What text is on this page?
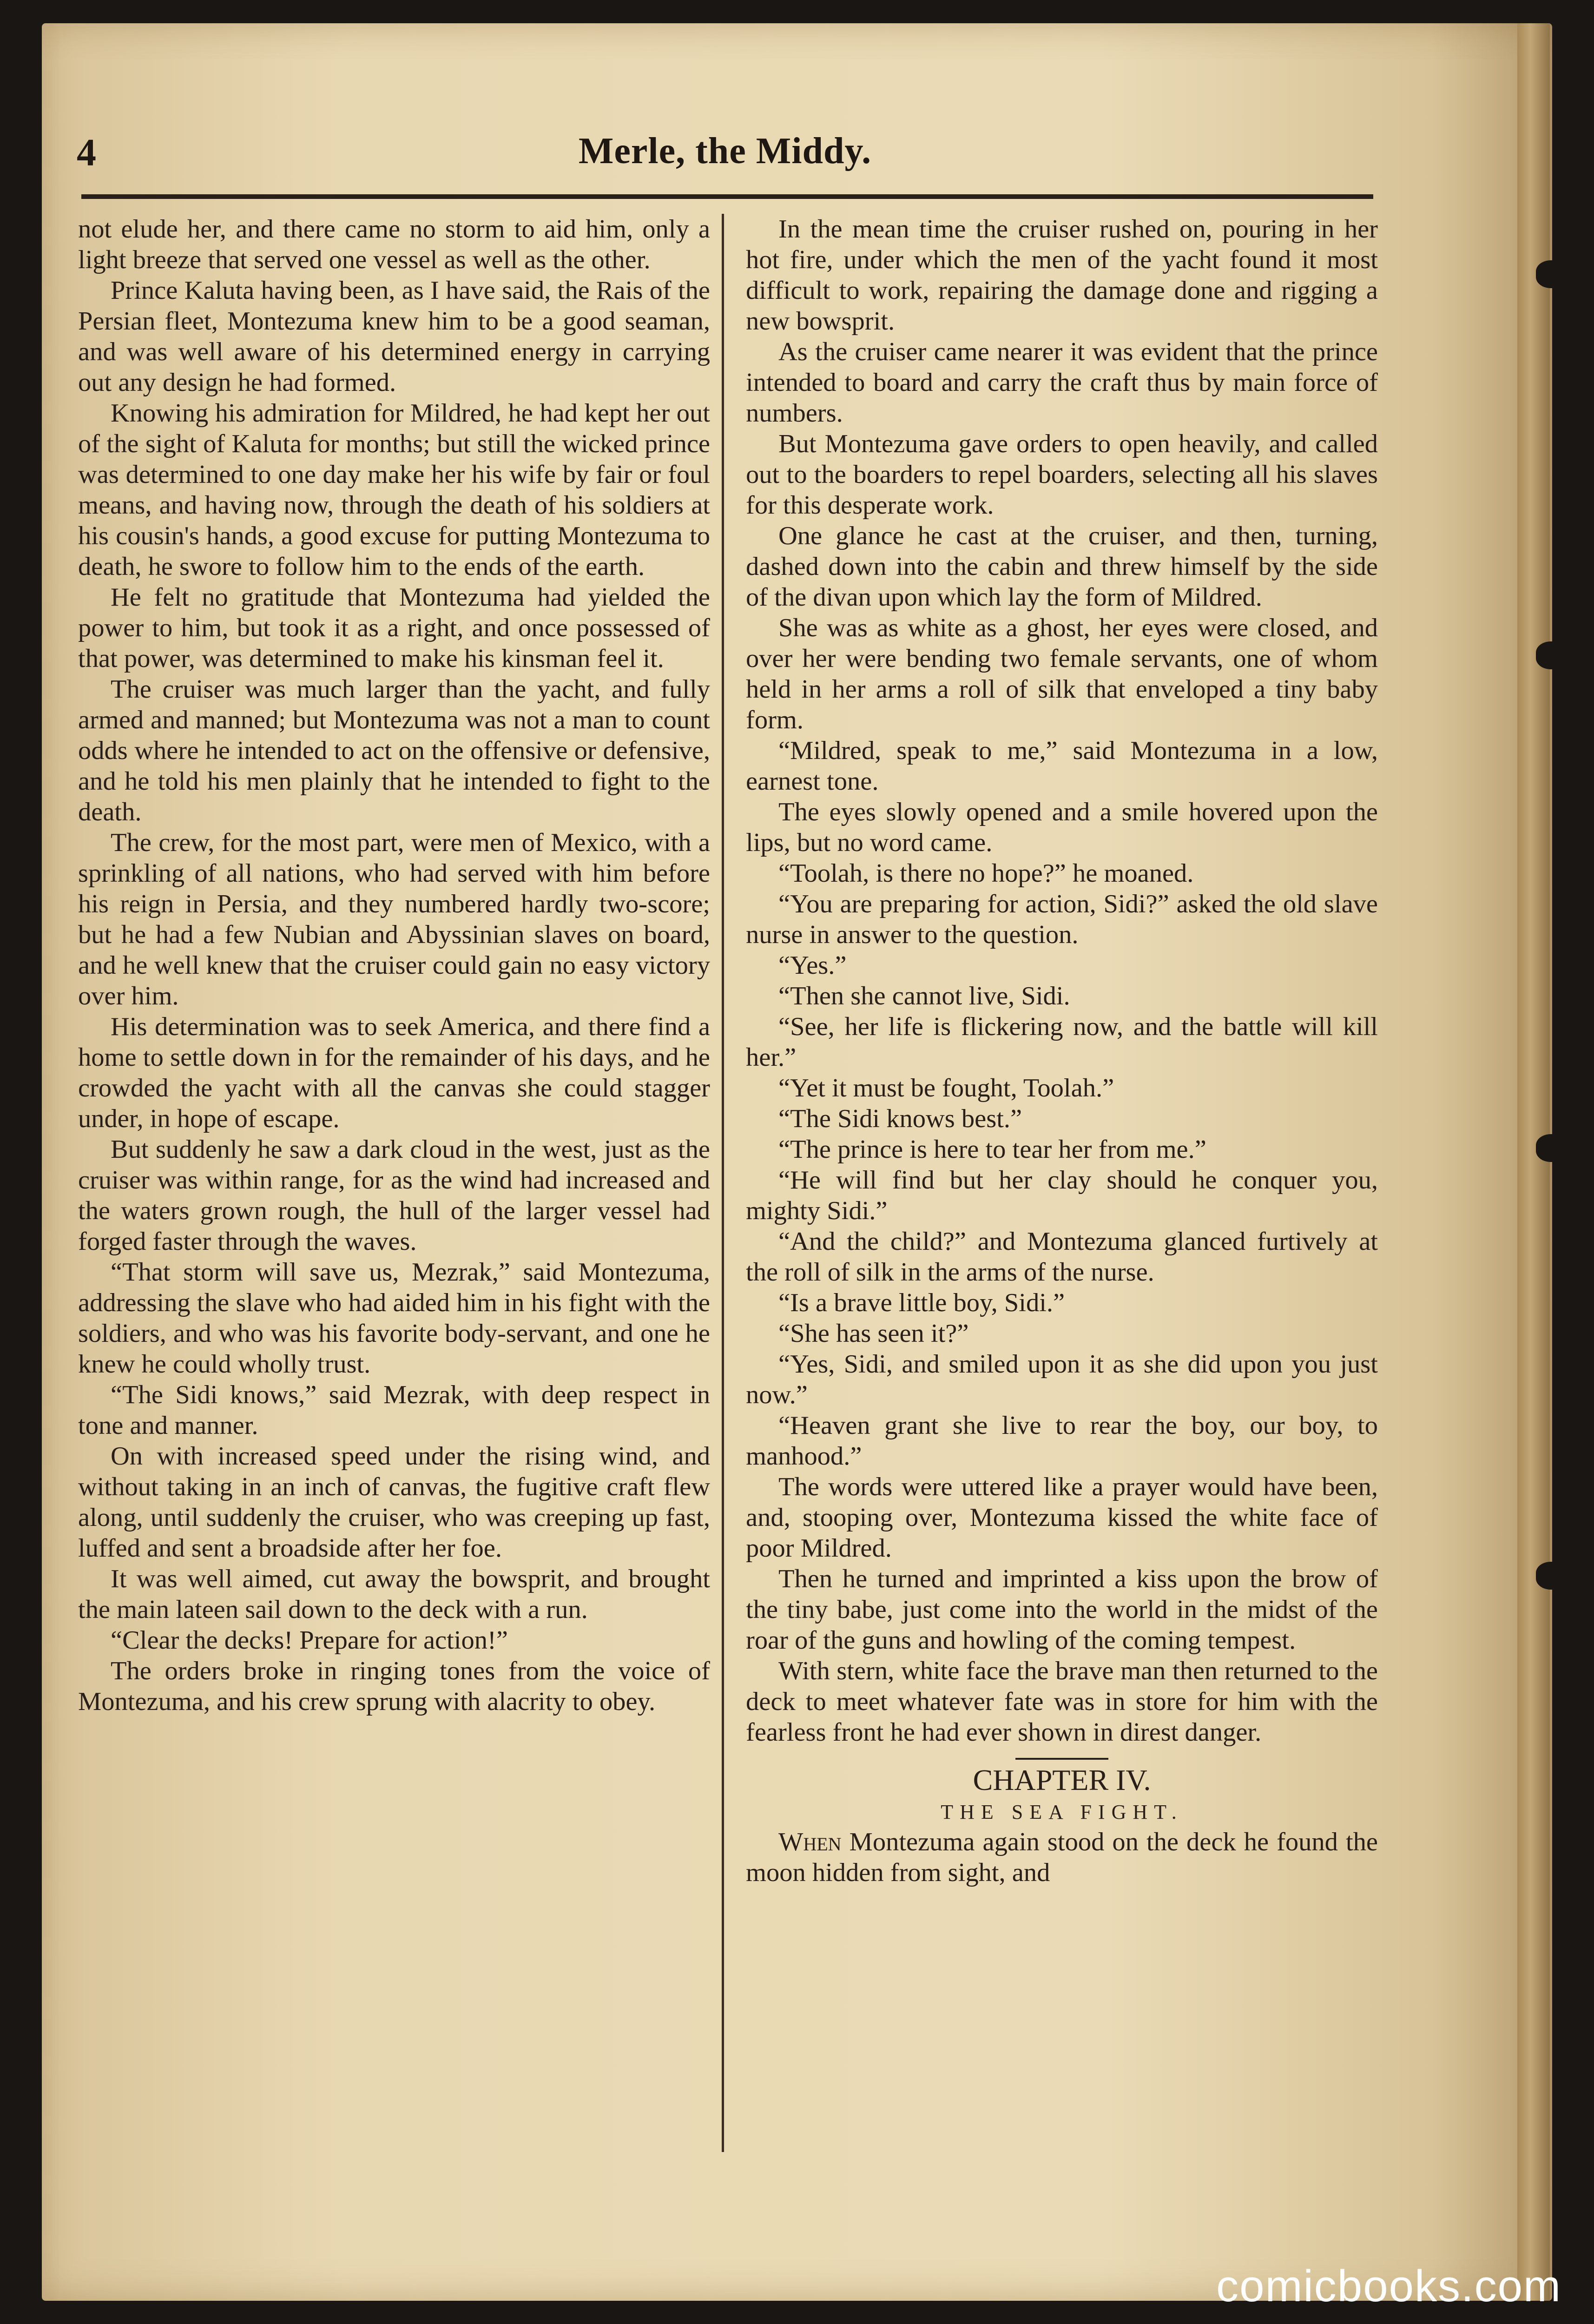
4	Merle, the Middy.

not elude her, and there came no storm to aid him, only a light breeze that served one vessel as well as the other.

Prince Kaluta having been, as I have said, the Rais of the Persian fleet, Montezuma knew him to be a good seaman, and was well aware of his determined energy in carrying out any design he had formed.

Knowing his admiration for Mildred, he had kept her out of the sight of Kaluta for months; but still the wicked prince was determined to one day make her his wife by fair or foul means, and having now, through the death of his soldiers at his cousin's hands, a good excuse for putting Montezuma to death, he swore to follow him to the ends of the earth.

He felt no gratitude that Montezuma had yielded the power to him, but took it as a right, and once possessed of that power, was determined to make his kinsman feel it.

The cruiser was much larger than the yacht, and fully armed and manned; but Montezuma was not a man to count odds where he intended to act on the offensive or defensive, and he told his men plainly that he intended to fight to the death.

The crew, for the most part, were men of Mexico, with a sprinkling of all nations, who had served with him before his reign in Persia, and they numbered hardly two-score; but he had a few Nubian and Abyssinian slaves on board, and he well knew that the cruiser could gain no easy victory over him.

His determination was to seek America, and there find a home to settle down in for the remainder of his days, and he crowded the yacht with all the canvas she could stagger under, in hope of escape.

But suddenly he saw a dark cloud in the west, just as the cruiser was within range, for as the wind had increased and the waters grown rough, the hull of the larger vessel had forged faster through the waves.

“That storm will save us, Mezrak,” said Montezuma, addressing the slave who had aided him in his fight with the soldiers, and who was his favorite body-servant, and one he knew he could wholly trust.

“The Sidi knows,” said Mezrak, with deep respect in tone and manner.

On with increased speed under the rising wind, and without taking in an inch of canvas, the fugitive craft flew along, until suddenly the cruiser, who was creeping up fast, luffed and sent a broadside after her foe.

It was well aimed, cut away the bowsprit, and brought the main lateen sail down to the deck with a run.

“Clear the decks! Prepare for action!”

The orders broke in ringing tones from the voice of Montezuma, and his crew sprung with alacrity to obey.

In the mean time the cruiser rushed on, pouring in her hot fire, under which the men of the yacht found it most difficult to work, repairing the damage done and rigging a new bowsprit.

As the cruiser came nearer it was evident that the prince intended to board and carry the craft thus by main force of numbers.

But Montezuma gave orders to open heavily, and called out to the boarders to repel boarders, selecting all his slaves for this desperate work.

One glance he cast at the cruiser, and then, turning, dashed down into the cabin and threw himself by the side of the divan upon which lay the form of Mildred.

She was as white as a ghost, her eyes were closed, and over her were bending two female servants, one of whom held in her arms a roll of silk that enveloped a tiny baby form.

“Mildred, speak to me,” said Montezuma in a low, earnest tone.

The eyes slowly opened and a smile hovered upon the lips, but no word came.

“Toolah, is there no hope?” he moaned.

“You are preparing for action, Sidi?” asked the old slave nurse in answer to the question.

“Yes.”

“Then she cannot live, Sidi.

“See, her life is flickering now, and the battle will kill her.”

“Yet it must be fought, Toolah.”

“The Sidi knows best.”

“The prince is here to tear her from me.”

“He will find but her clay should he conquer you, mighty Sidi.”

“And the child?” and Montezuma glanced furtively at the roll of silk in the arms of the nurse.

“Is a brave little boy, Sidi.”

“She has seen it?”

“Yes, Sidi, and smiled upon it as she did upon you just now.”

“Heaven grant she live to rear the boy, our boy, to manhood.”

The words were uttered like a prayer would have been, and, stooping over, Montezuma kissed the white face of poor Mildred.

Then he turned and imprinted a kiss upon the brow of the tiny babe, just come into the world in the midst of the roar of the guns and howling of the coming tempest.

With stern, white face the brave man then returned to the deck to meet whatever fate was in store for him with the fearless front he had ever shown in direst danger.

CHAPTER IV.

THE SEA FIGHT.

When Montezuma again stood on the deck he found the moon hidden from sight, and

comicbooks.com
